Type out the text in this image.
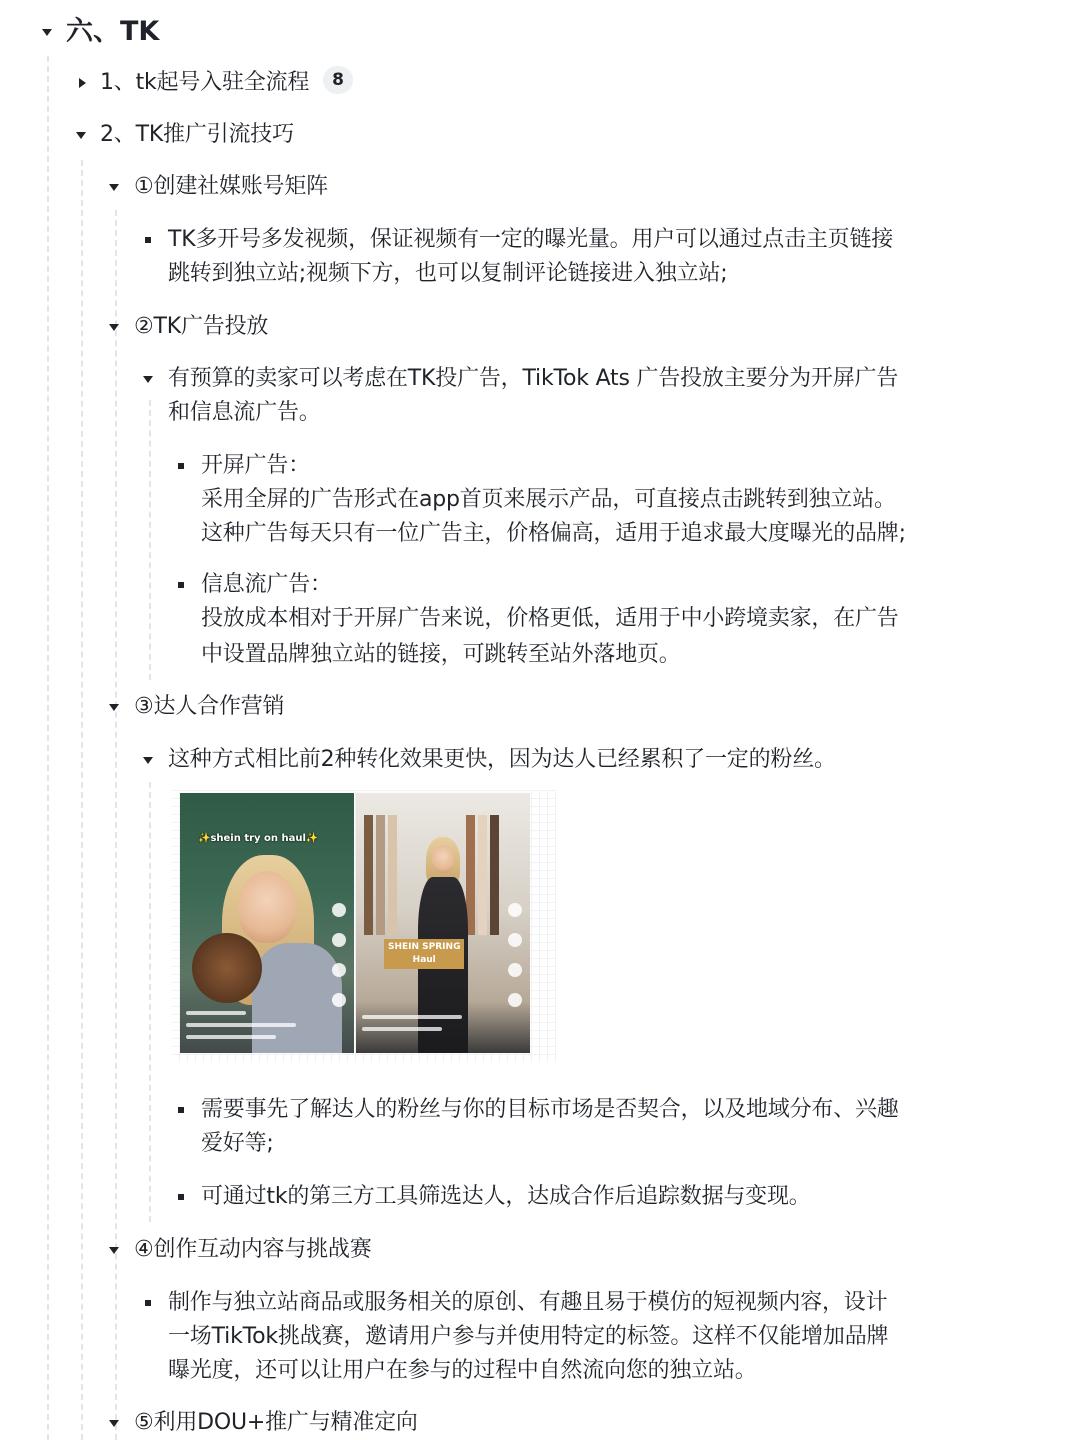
六、TK
1、tk起号入驻全流程	8
2、TK推广引流技巧
①创建社媒账号矩阵
TK多开号多发视频，保证视频有一定的曝光量。用户可以通过点击主页链接
跳转到独立站;视频下方，也可以复制评论链接进入独立站;
②TK广告投放
有预算的卖家可以考虑在TK投广告，TikTok Ats 广告投放主要分为开屏广告
和信息流广告。
开屏广告：
采用全屏的广告形式在app首页来展示产品，可直接点击跳转到独立站。
这种广告每天只有一位广告主，价格偏高，适用于追求最大度曝光的品牌;
信息流广告：
投放成本相对于开屏广告来说，价格更低，适用于中小跨境卖家，在广告
中设置品牌独立站的链接，可跳转至站外落地页。
③达人合作营销
这种方式相比前2种转化效果更快，因为达人已经累积了一定的粉丝。
✨shein try on haul✨
SHEIN SPRING
Haul
需要事先了解达人的粉丝与你的目标市场是否契合，以及地域分布、兴趣
爱好等;
可通过tk的第三方工具筛选达人，达成合作后追踪数据与变现。
④创作互动内容与挑战赛
制作与独立站商品或服务相关的原创、有趣且易于模仿的短视频内容，设计
一场TikTok挑战赛，邀请用户参与并使用特定的标签。这样不仅能增加品牌
曝光度，还可以让用户在参与的过程中自然流向您的独立站。
⑤利用DOU+推广与精准定向
